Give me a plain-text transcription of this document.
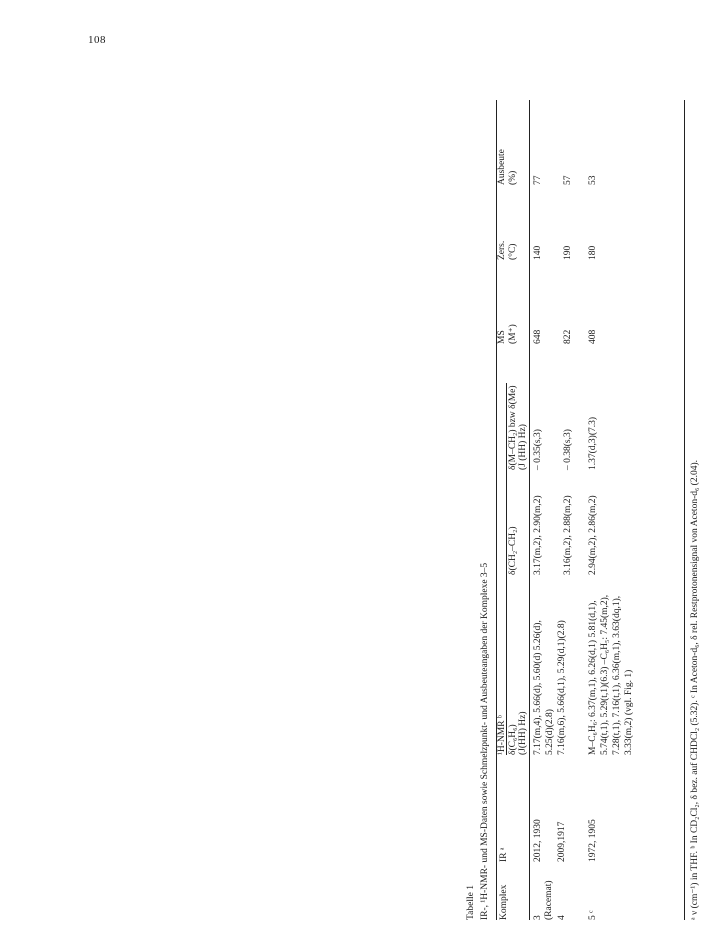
108
Tabelle 1 IR-, ¹H-NMR- und MS-Daten sowie Schmelzpunkt- und Ausbeuteangaben der Komplexe 3–5 Komplex
IR ᵃ
¹H-NMR ᵇ δ(C₆H₆) (J(HH) Hz)
δ(CH₂–CH₂)
δ(M–CH₂) bzw δ(Me) (J (HH) Hz)
MS (M⁺)
Zers. (°C)
Ausbeute (%)
3 (Racemat)
2012, 1930
7.17(m,4), 5.66(d), 5.60(d) 5.26(d), 5.25(d)(2.8)
3.17(m,2), 2.90(m,2)
– 0.35(s,3)
648
140
77
4
2009,1917
7.16(m,6), 5.66(d,1), 5.29(d,1)(2.8)
3.16(m,2), 2.88(m,2)
– 0.38(s,3)
822
190
57
5 ᶜ
1972, 1905
M–C₆H₆: 6.37(m,1), 6.26(d,1) 5.81(d,1), 5.74(t,1), 5.29(t,1)(6.3) –C₆H₅: 7.45(m,2), 7.28(t,1), 7.16(t,1), 6.36(m,1), 3.63(dq,1), 3.33(m,2) (vgl. Fig. 1)
2.94(m,2), 2.86(m,2)
1.37(d,3)(7.3)
408
180
53
ᵃ ν (cm⁻¹) in THF. ᵇ In CD₂Cl₂, δ bez. auf CHDCl₂ (5.32). ᶜ In Aceton-d₆, δ rel. Restprotonensignal von Aceton-d₆ (2.04).
